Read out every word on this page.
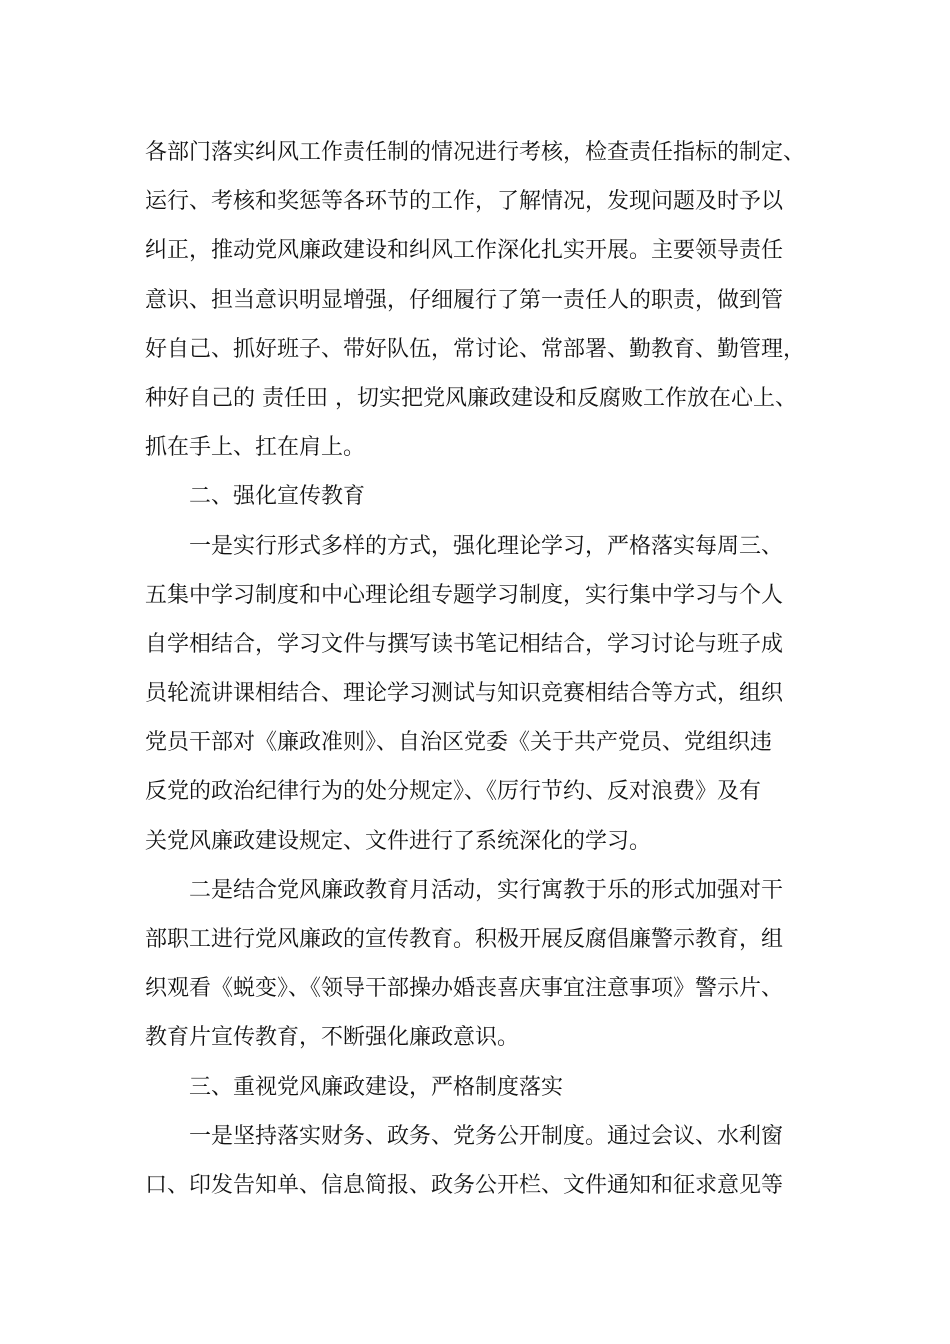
各部门落实纠风工作责任制的情况进行考核，检查责任指标的制定、
运行、考核和奖惩等各环节的工作，了解情况，发现问题及时予以
纠正，推动党风廉政建设和纠风工作深化扎实开展。主要领导责任
意识、担当意识明显增强，仔细履行了第一责任人的职责，做到管
好自己、抓好班子、带好队伍，常讨论、常部署、勤教育、勤管理，
种好自己的 责任田 ，切实把党风廉政建设和反腐败工作放在心上、
抓在手上、扛在肩上。
二、强化宣传教育
一是实行形式多样的方式，强化理论学习，严格落实每周三、
五集中学习制度和中心理论组专题学习制度，实行集中学习与个人
自学相结合，学习文件与撰写读书笔记相结合，学习讨论与班子成
员轮流讲课相结合、理论学习测试与知识竞赛相结合等方式，组织
党员干部对《廉政准则》、自治区党委《关于共产党员、党组织违
反党的政治纪律行为的处分规定》、《厉行节约、反对浪费》及有
关党风廉政建设规定、文件进行了系统深化的学习。
二是结合党风廉政教育月活动，实行寓教于乐的形式加强对干
部职工进行党风廉政的宣传教育。积极开展反腐倡廉警示教育，组
织观看《蜕变》、《领导干部操办婚丧喜庆事宜注意事项》警示片、
教育片宣传教育，不断强化廉政意识。
三、重视党风廉政建设，严格制度落实
一是坚持落实财务、政务、党务公开制度。通过会议、水利窗
口、印发告知单、信息简报、政务公开栏、文件通知和征求意见等
